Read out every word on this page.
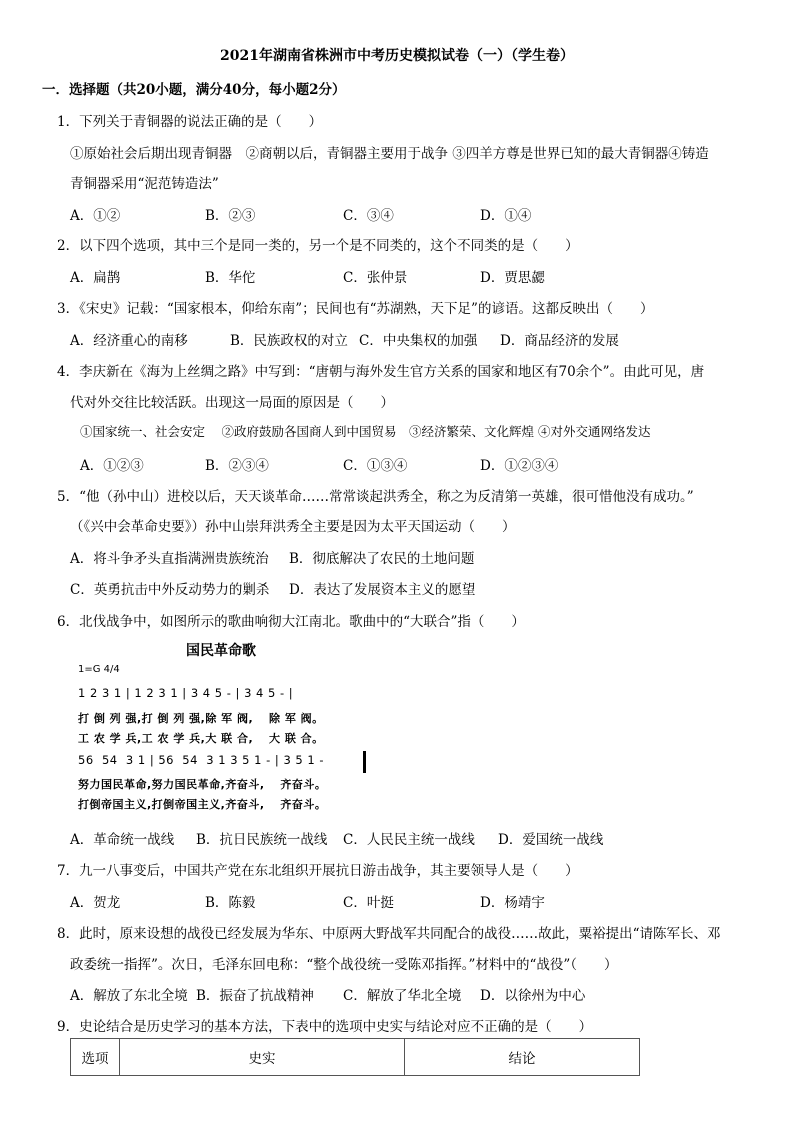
2021年湖南省株洲市中考历史模拟试卷（一）（学生卷）
一．选择题（共20小题，满分40分，每小题2分）
1．下列关于青铜器的说法正确的是（　　）
①原始社会后期出现青铜器　②商朝以后，青铜器主要用于战争 ③四羊方尊是世界已知的最大青铜器④铸造
青铜器采用“泥范铸造法”
A．①②	B．②③	C．③④	D．①④
2．以下四个选项，其中三个是同一类的，另一个是不同类的，这个不同类的是（　　）
A．扁鹊	B．华佗	C．张仲景	D．贾思勰
3．《宋史》记载：“国家根本，仰给东南”；民间也有“苏湖熟，天下足”的谚语。这都反映出（　　）
A．经济重心的南移	B．民族政权的对立 C．中央集权的加强 D．商品经济的发展
4．李庆新在《海为上丝绸之路》中写到：“唐朝与海外发生官方关系的国家和地区有70余个”。由此可见，唐
代对外交往比较活跃。出现这一局面的原因是（　　）
①国家统一、社会安定　 ②政府鼓励各国商人到中国贸易　③经济繁荣、文化辉煌 ④对外交通网络发达
A．①②③	B．②③④	C．①③④	D．①②③④
5．“他（孙中山）进校以后，天天谈革命……常常谈起洪秀全，称之为反清第一英雄，很可惜他没有成功。”
（《兴中会革命史要》）孙中山崇拜洪秀全主要是因为太平天国运动（　　）
A．将斗争矛头直指满洲贵族统治 B．彻底解决了农民的土地问题
C．英勇抗击中外反动势力的剿杀 D．表达了发展资本主义的愿望
6．北伐战争中，如图所示的歌曲响彻大江南北。歌曲中的“大联合”指（　　）
国民革命歌
1=G 4/4
1 2 3 1 | 1 2 3 1 | 3 4 5 - | 3 4 5 - |
打 倒 列 强,打 倒 列 强,除 军 阀,　 除 军 阀。
工 农 学 兵,工 农 学 兵,大 联 合,　 大 联 合。
56  54  3 1 | 56  54  3 1 3 5 1 - | 3 5 1 -
努力国民革命,努力国民革命,齐奋斗,　 齐奋斗。
打倒帝国主义,打倒帝国主义,齐奋斗,　 齐奋斗。
A．革命统一战线 B．抗日民族统一战线 C．人民民主统一战线 D．爱国统一战线
7．九一八事变后，中国共产党在东北组织开展抗日游击战争，其主要领导人是（　　）
A．贺龙	B．陈毅	C．叶挺	D．杨靖宇
8．此时，原来设想的战役已经发展为华东、中原两大野战军共同配合的战役……故此，粟裕提出“请陈军长、邓
政委统一指挥”。次日，毛泽东回电称：“整个战役统一受陈邓指挥。”材料中的“战役”（　　）
A．解放了东北全境 B．振奋了抗战精神 C．解放了华北全境 D．以徐州为中心
9．史论结合是历史学习的基本方法，下表中的选项中史实与结论对应不正确的是（　　）
选项	史实	结论
